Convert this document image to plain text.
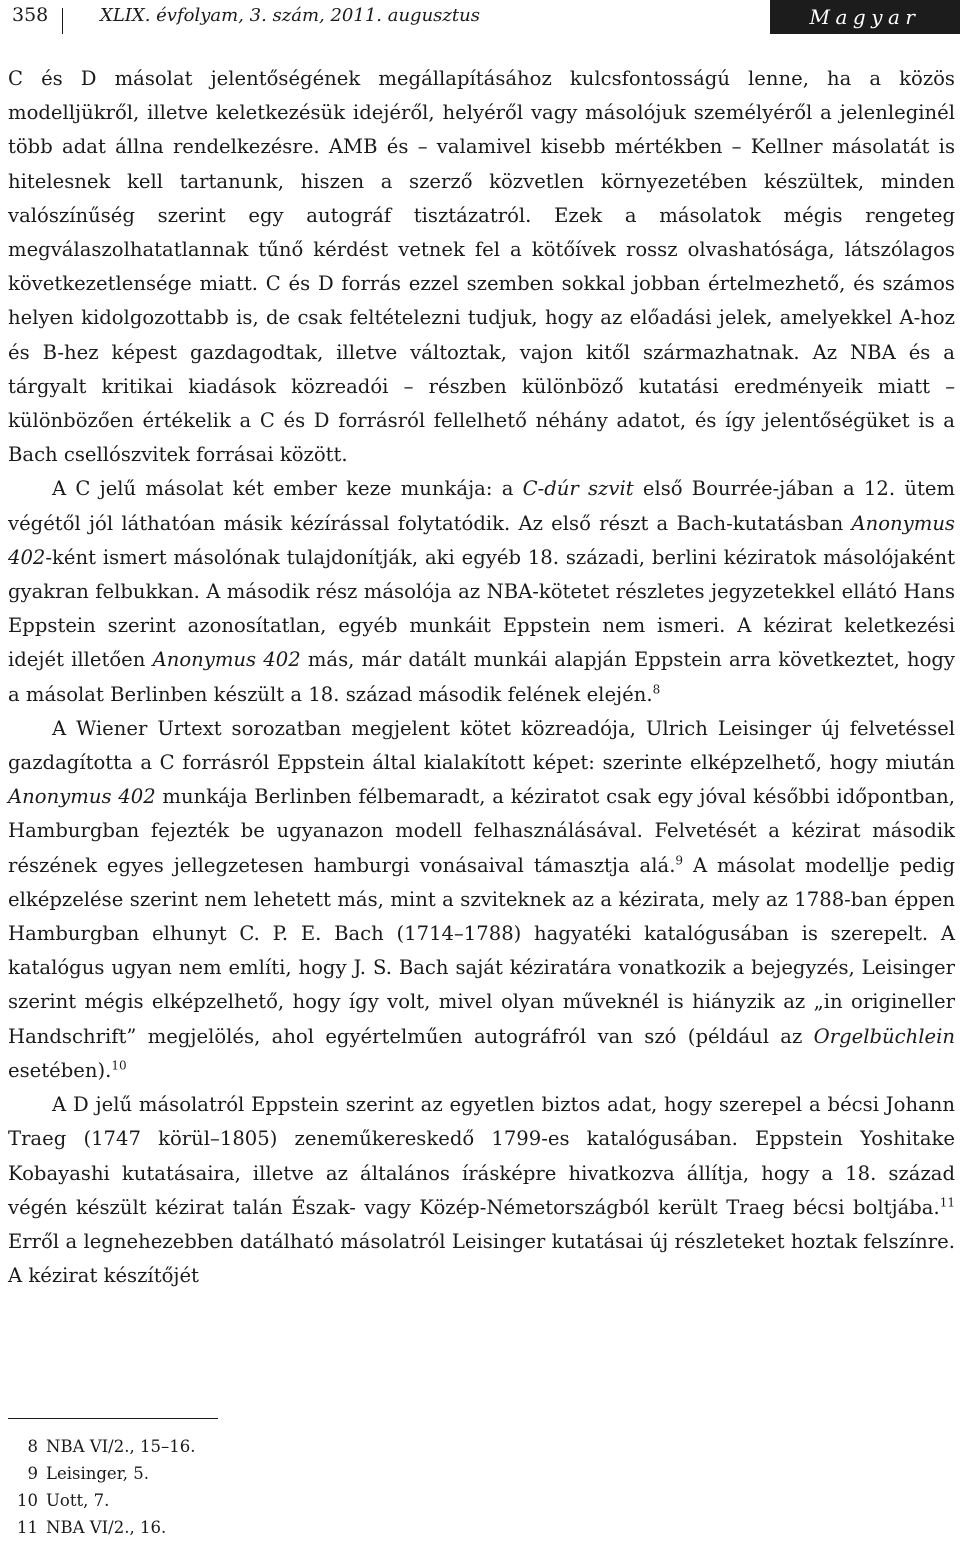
358	XLIX. évfolyam, 3. szám, 2011. augusztus	Magyar Zene

C és D másolat jelentőségének megállapításához kulcsfontosságú lenne, ha a közös modelljükről, illetve keletkezésük idejéről, helyéről vagy másolójuk személyéről a jelenleginél több adat állna rendelkezésre. AMB és – valamivel kisebb mértékben – Kellner másolatát is hitelesnek kell tartanunk, hiszen a szerző közvetlen környezetében készültek, minden valószínűség szerint egy autográf tisztázatról. Ezek a másolatok mégis rengeteg megválaszolhatatlannak tűnő kérdést vetnek fel a kötőívek rossz olvashatósága, látszólagos következetlensége miatt. C és D forrás ezzel szemben sokkal jobban értelmezhető, és számos helyen kidolgozottabb is, de csak feltételezni tudjuk, hogy az előadási jelek, amelyekkel A-hoz és B-hez képest gazdagodtak, illetve változtak, vajon kitől származhatnak. Az NBA és a tárgyalt kritikai kiadások közreadói – részben különböző kutatási eredményeik miatt – különbözően értékelik a C és D forrásról fellelhető néhány adatot, és így jelentőségüket is a Bach csellószvitek forrásai között.

A C jelű másolat két ember keze munkája: a C-dúr szvit első Bourrée-jában a 12. ütem végétől jól láthatóan másik kézírással folytatódik. Az első részt a Bach-kutatásban Anonymus 402-ként ismert másolónak tulajdonítják, aki egyéb 18. századi, berlini kéziratok másolójaként gyakran felbukkan. A második rész másolója az NBA-kötetet részletes jegyzetekkel ellátó Hans Eppstein szerint azonosítatlan, egyéb munkáit Eppstein nem ismeri. A kézirat keletkezési idejét illetően Anonymus 402 más, már datált munkái alapján Eppstein arra következtet, hogy a másolat Berlinben készült a 18. század második felének elején.$^8$

A Wiener Urtext sorozatban megjelent kötet közreadója, Ulrich Leisinger új felvetéssel gazdagította a C forrásról Eppstein által kialakított képet: szerinte elképzelhető, hogy miután Anonymus 402 munkája Berlinben félbemaradt, a kéziratot csak egy jóval későbbi időpontban, Hamburgban fejezték be ugyanazon modell felhasználásával. Felvetését a kézirat második részének egyes jellegzetesen hamburgi vonásaival támasztja alá.$^9$ A másolat modellje pedig elképzelése szerint nem lehetett más, mint a szviteknek az a kézirata, mely az 1788-ban éppen Hamburgban elhunyt C. P. E. Bach (1714–1788) hagyatéki katalógusában is szerepelt. A katalógus ugyan nem említi, hogy J. S. Bach saját kéziratára vonatkozik a bejegyzés, Leisinger szerint mégis elképzelhető, hogy így volt, mivel olyan műveknél is hiányzik az „in originеller Handschrift” megjelölés, ahol egyértelműen autográfról van szó (például az Orgelbüchlein esetében).$^{10}$

A D jelű másolatról Eppstein szerint az egyetlen biztos adat, hogy szerepel a bécsi Johann Traeg (1747 körül–1805) zeneműkereskedő 1799-es katalógusában. Eppstein Yoshitake Kobayashi kutatásaira, illetve az általános írásképre hivatkozva állítja, hogy a 18. század végén készült kézirat talán Észak- vagy Közép-Németországból került Traeg bécsi boltjába.$^{11}$ Erről a legnehezebben datálható másolatról Leisinger kutatásai új részleteket hoztak felszínre. A kézirat készítőjét

8 NBA VI/2., 15–16.
9 Leisinger, 5.
10 Uott, 7.
11 NBA VI/2., 16.
